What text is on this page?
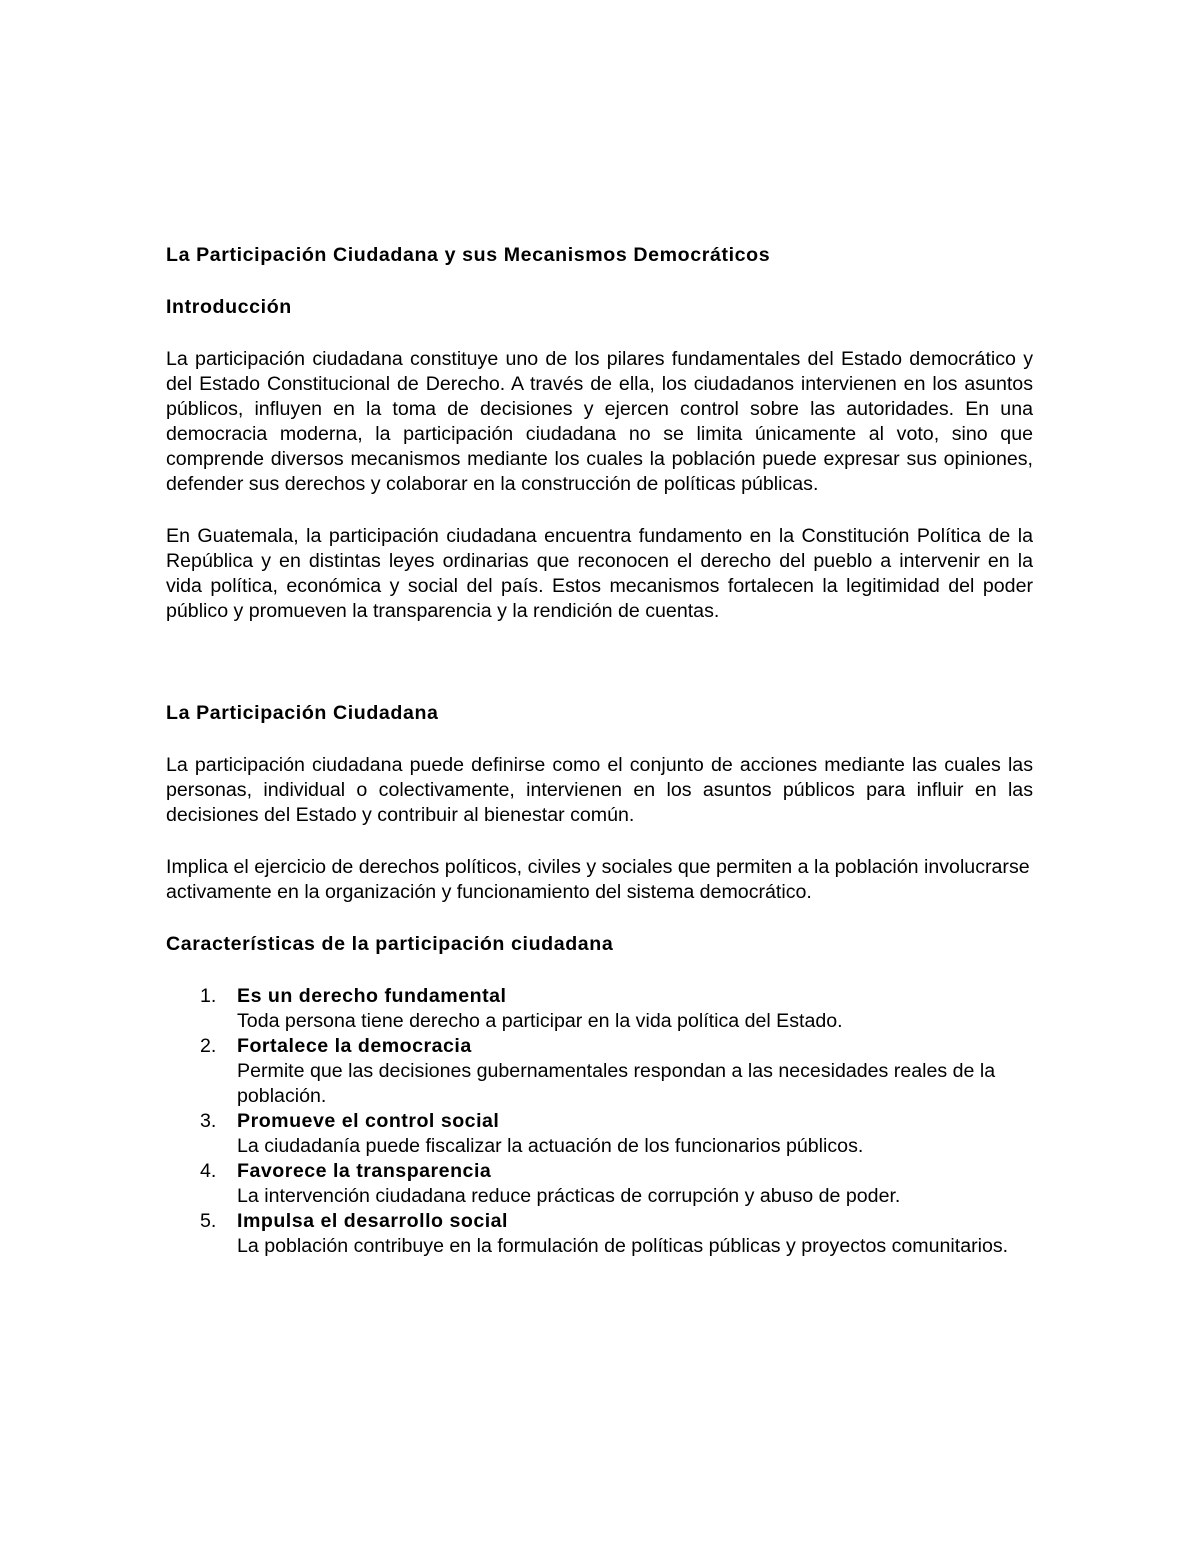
La Participación Ciudadana y sus Mecanismos Democráticos
Introducción

La participación ciudadana constituye uno de los pilares fundamentales del Estado democrático y del Estado Constitucional de Derecho. A través de ella, los ciudadanos intervienen en los asuntos públicos, influyen en la toma de decisiones y ejercen control sobre las autoridades. En una democracia moderna, la participación ciudadana no se limita únicamente al voto, sino que comprende diversos mecanismos mediante los cuales la población puede expresar sus opiniones, defender sus derechos y colaborar en la construcción de políticas públicas.

En Guatemala, la participación ciudadana encuentra fundamento en la Constitución Política de la República y en distintas leyes ordinarias que reconocen el derecho del pueblo a intervenir en la vida política, económica y social del país. Estos mecanismos fortalecen la legitimidad del poder público y promueven la transparencia y la rendición de cuentas.

La Participación Ciudadana

La participación ciudadana puede definirse como el conjunto de acciones mediante las cuales las personas, individual o colectivamente, intervienen en los asuntos públicos para influir en las decisiones del Estado y contribuir al bienestar común.

Implica el ejercicio de derechos políticos, civiles y sociales que permiten a la población involucrarse activamente en la organización y funcionamiento del sistema democrático.

Características de la participación ciudadana
1. Es un derecho fundamental
Toda persona tiene derecho a participar en la vida política del Estado.
2. Fortalece la democracia
Permite que las decisiones gubernamentales respondan a las necesidades reales de la población.
3. Promueve el control social
La ciudadanía puede fiscalizar la actuación de los funcionarios públicos.
4. Favorece la transparencia
La intervención ciudadana reduce prácticas de corrupción y abuso de poder.
5. Impulsa el desarrollo social
La población contribuye en la formulación de políticas públicas y proyectos comunitarios.
